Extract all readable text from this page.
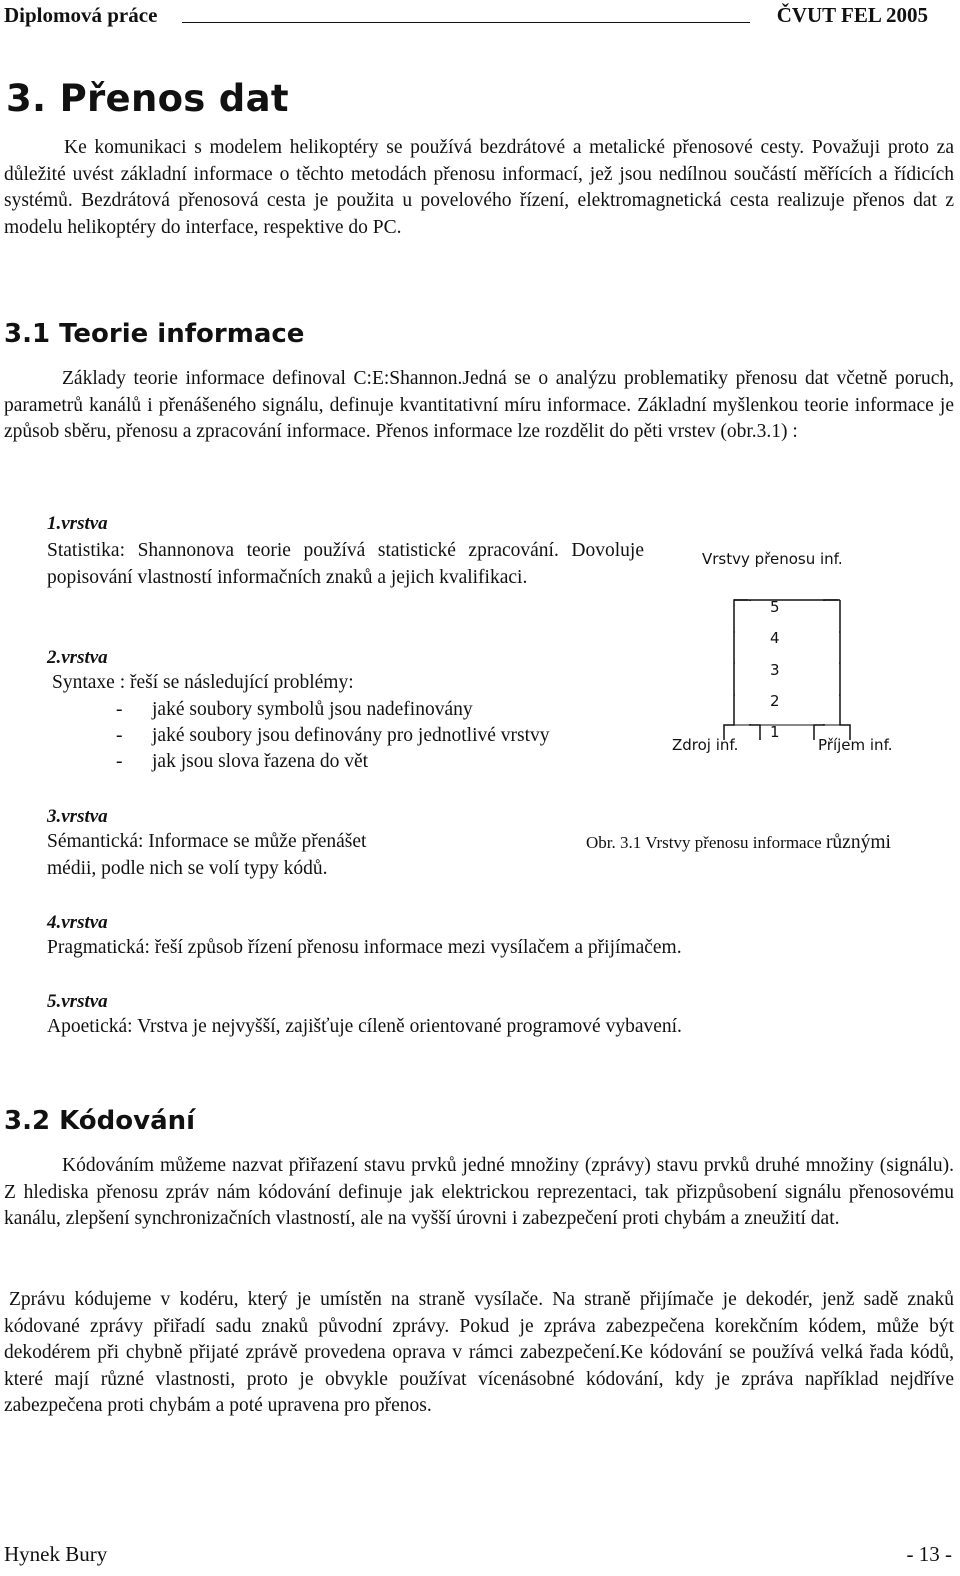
Diplomová práce	ČVUT FEL 2005
3. Přenos dat

Ke komunikaci s modelem helikoptéry se používá bezdrátové a metalické přenosové cesty. Považuji proto za důležité uvést základní informace o těchto metodách přenosu informací, jež jsou nedílnou součástí měřících a řídicích systémů. Bezdrátová přenosová cesta je použita u povelového řízení, elektromagnetická cesta realizuje přenos dat z modelu helikoptéry do interface, respektive do PC.

3.1 Teorie informace

Základy teorie informace definoval C:E:Shannon.Jedná se o analýzu problematiky přenosu dat včetně poruch, parametrů kanálů i přenášeného signálu, definuje kvantitativní míru informace. Základní myšlenkou teorie informace je způsob sběru, přenosu a zpracování informace. Přenos informace lze rozdělit do pěti vrstev (obr.3.1) :

1.vrstva

Statistika: Shannonova teorie používá statistické zpracování. Dovoluje popisování vlastností informačních znaků a jejich kvalifikaci.

2.vrstva
Syntaxe : řeší se následující problémy:
- jaké soubory symbolů jsou nadefinovány
- jaké soubory jsou definovány pro jednotlivé vrstvy
- jak jsou slova řazena do vět
Vrstvy přenosu inf.
5
4
3
2
1
Zdroj inf.	Příjem inf.
3.vrstva
Sémantická: Informace se může přenášet
médii, podle nich se volí typy kódů.
Obr. 3.1 Vrstvy přenosu informace různými
4.vrstva
Pragmatická: řeší způsob řízení přenosu informace mezi vysílačem a přijímačem.
5.vrstva
Apoetická: Vrstva je nejvyšší, zajišťuje cíleně orientované programové vybavení.
3.2 Kódování

Kódováním můžeme nazvat přiřazení stavu prvků jedné množiny (zprávy) stavu prvků druhé množiny (signálu). Z hlediska přenosu zpráv nám kódování definuje jak elektrickou reprezentaci, tak přizpůsobení signálu přenosovému kanálu, zlepšení synchronizačních vlastností, ale na vyšší úrovni i zabezpečení proti chybám a zneužití dat.

Zprávu kódujeme v kodéru, který je umístěn na straně vysílače. Na straně přijímače je dekodér, jenž sadě znaků kódované zprávy přiřadí sadu znaků původní zprávy. Pokud je zpráva zabezpečena korekčním kódem, může být dekodérem při chybně přijaté zprávě provedena oprava v rámci zabezpečení.Ke kódování se používá velká řada kódů, které mají různé vlastnosti, proto je obvykle používat vícenásobné kódování, kdy je zpráva například nejdříve zabezpečena proti chybám a poté upravena pro přenos.

Hynek Bury	- 13 -
